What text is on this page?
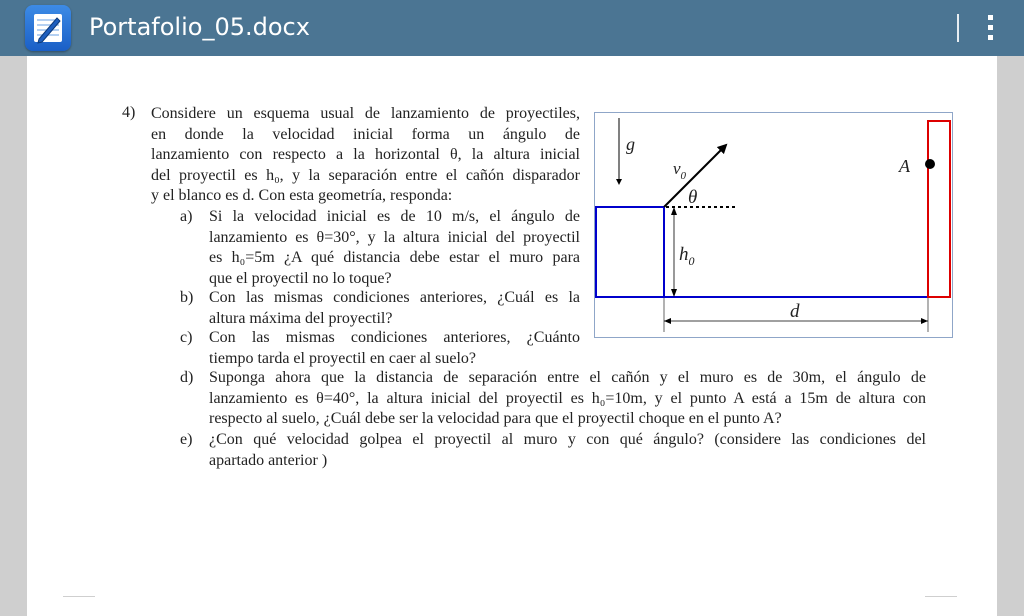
Portafolio_05.docx
4) Considere un esquema usual de lanzamiento de proyectiles,
en donde la velocidad inicial forma un ángulo de
lanzamiento con respecto a la horizontal θ, la altura inicial
del proyectil es h₀, y la separación entre el cañón disparador
y el blanco es d. Con esta geometría, responda:
a) Si la velocidad inicial es de 10 m/s, el ángulo de
lanzamiento es θ=30°, y la altura inicial del proyectil
es h₀=5m ¿A qué distancia debe estar el muro para
que el proyectil no lo toque?
b) Con las mismas condiciones anteriores, ¿Cuál es la
altura máxima del proyectil?
c) Con las mismas condiciones anteriores, ¿Cuánto
tiempo tarda el proyectil en caer al suelo?
d) Suponga ahora que la distancia de separación entre el cañón y el muro es de 30m, el ángulo de
lanzamiento es θ=40°, la altura inicial del proyectil es h₀=10m, y el punto A está a 15m de altura con
respecto al suelo, ¿Cuál debe ser la velocidad para que el proyectil choque en el punto A?
e) ¿Con qué velocidad golpea el proyectil al muro y con qué ángulo? (considere las condiciones del
apartado anterior )
g
A
$v_0$
θ
$h_0$
d
